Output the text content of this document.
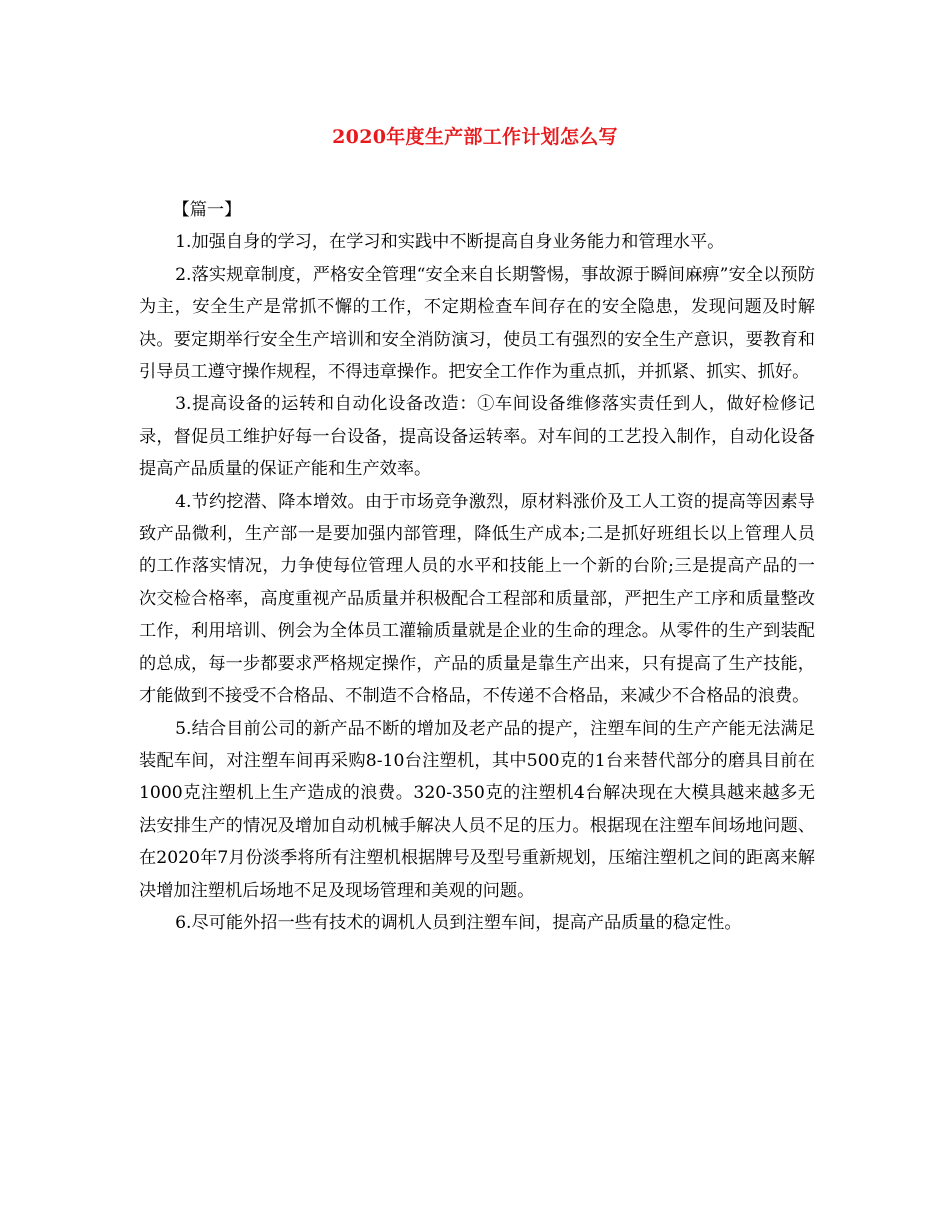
2020年度生产部工作计划怎么写

【篇一】

1.加强自身的学习，在学习和实践中不断提高自身业务能力和管理水平。

2.落实规章制度，严格安全管理“安全来自长期警惕，事故源于瞬间麻痹”安全以预防为主，安全生产是常抓不懈的工作，不定期检查车间存在的安全隐患，发现问题及时解决。要定期举行安全生产培训和安全消防演习，使员工有强烈的安全生产意识，要教育和引导员工遵守操作规程，不得违章操作。把安全工作作为重点抓，并抓紧、抓实、抓好。

3.提高设备的运转和自动化设备改造：①车间设备维修落实责任到人，做好检修记录，督促员工维护好每一台设备，提高设备运转率。对车间的工艺投入制作，自动化设备提高产品质量的保证产能和生产效率。

4.节约挖潜、降本增效。由于市场竞争激烈，原材料涨价及工人工资的提高等因素导致产品微利，生产部一是要加强内部管理，降低生产成本;二是抓好班组长以上管理人员的工作落实情况，力争使每位管理人员的水平和技能上一个新的台阶;三是提高产品的一次交检合格率，高度重视产品质量并积极配合工程部和质量部，严把生产工序和质量整改工作，利用培训、例会为全体员工灌输质量就是企业的生命的理念。从零件的生产到装配的总成，每一步都要求严格规定操作，产品的质量是靠生产出来，只有提高了生产技能，才能做到不接受不合格品、不制造不合格品，不传递不合格品，来减少不合格品的浪费。

5.结合目前公司的新产品不断的增加及老产品的提产，注塑车间的生产产能无法满足装配车间，对注塑车间再采购8-10台注塑机，其中500克的1台来替代部分的磨具目前在1000克注塑机上生产造成的浪费。320-350克的注塑机4台解决现在大模具越来越多无法安排生产的情况及增加自动机械手解决人员不足的压力。根据现在注塑车间场地问题、在2020年7月份淡季将所有注塑机根据牌号及型号重新规划，压缩注塑机之间的距离来解决增加注塑机后场地不足及现场管理和美观的问题。

6.尽可能外招一些有技术的调机人员到注塑车间，提高产品质量的稳定性。
